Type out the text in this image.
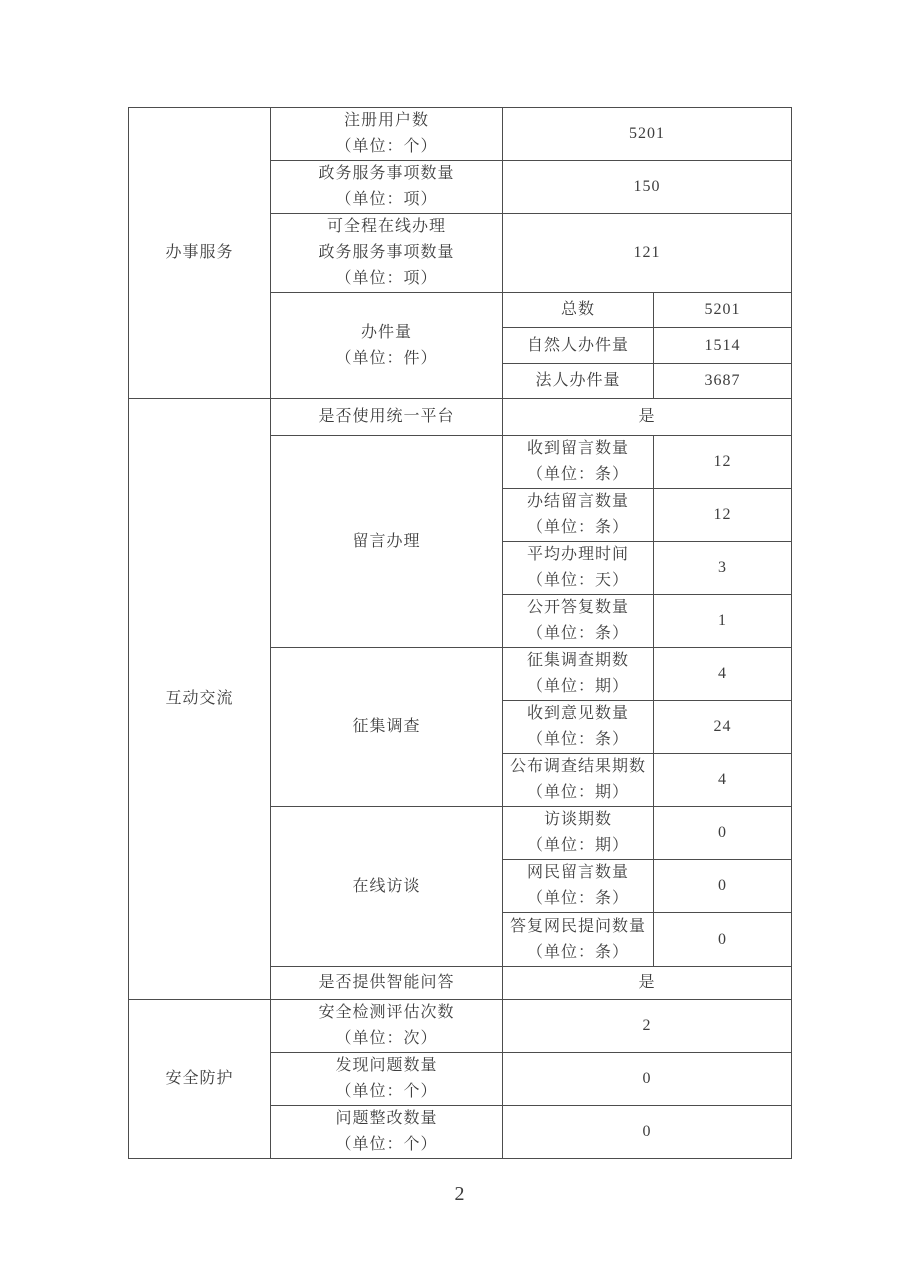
办事服务	注册用户数
（单位：个）	5201	

	政务服务事项数量
（单位：项）	150	

	可全程在线办理
政务服务事项数量
（单位：项）	121	

	办件量
（单位：件）	总数	5201
		自然人办件量	1514
		法人办件量	3687
互动交流	是否使用统一平台	是	
	留言办理	收到留言数量
（单位：条）	12

		办结留言数量
（单位：条）	12

		平均办理时间
（单位：天）	3

		公开答复数量
（单位：条）	1
	征集调查	征集调查期数
（单位：期）	4

		收到意见数量
（单位：条）	24

		公布调查结果期数
（单位：期）	4
	在线访谈	访谈期数
（单位：期）	0

		网民留言数量
（单位：条）	0

		答复网民提问数量
（单位：条）	0
	是否提供智能问答	是	
安全防护	安全检测评估次数
（单位：次）	2	

	发现问题数量
（单位：个）	0	

	问题整改数量
（单位：个）	0	
2
